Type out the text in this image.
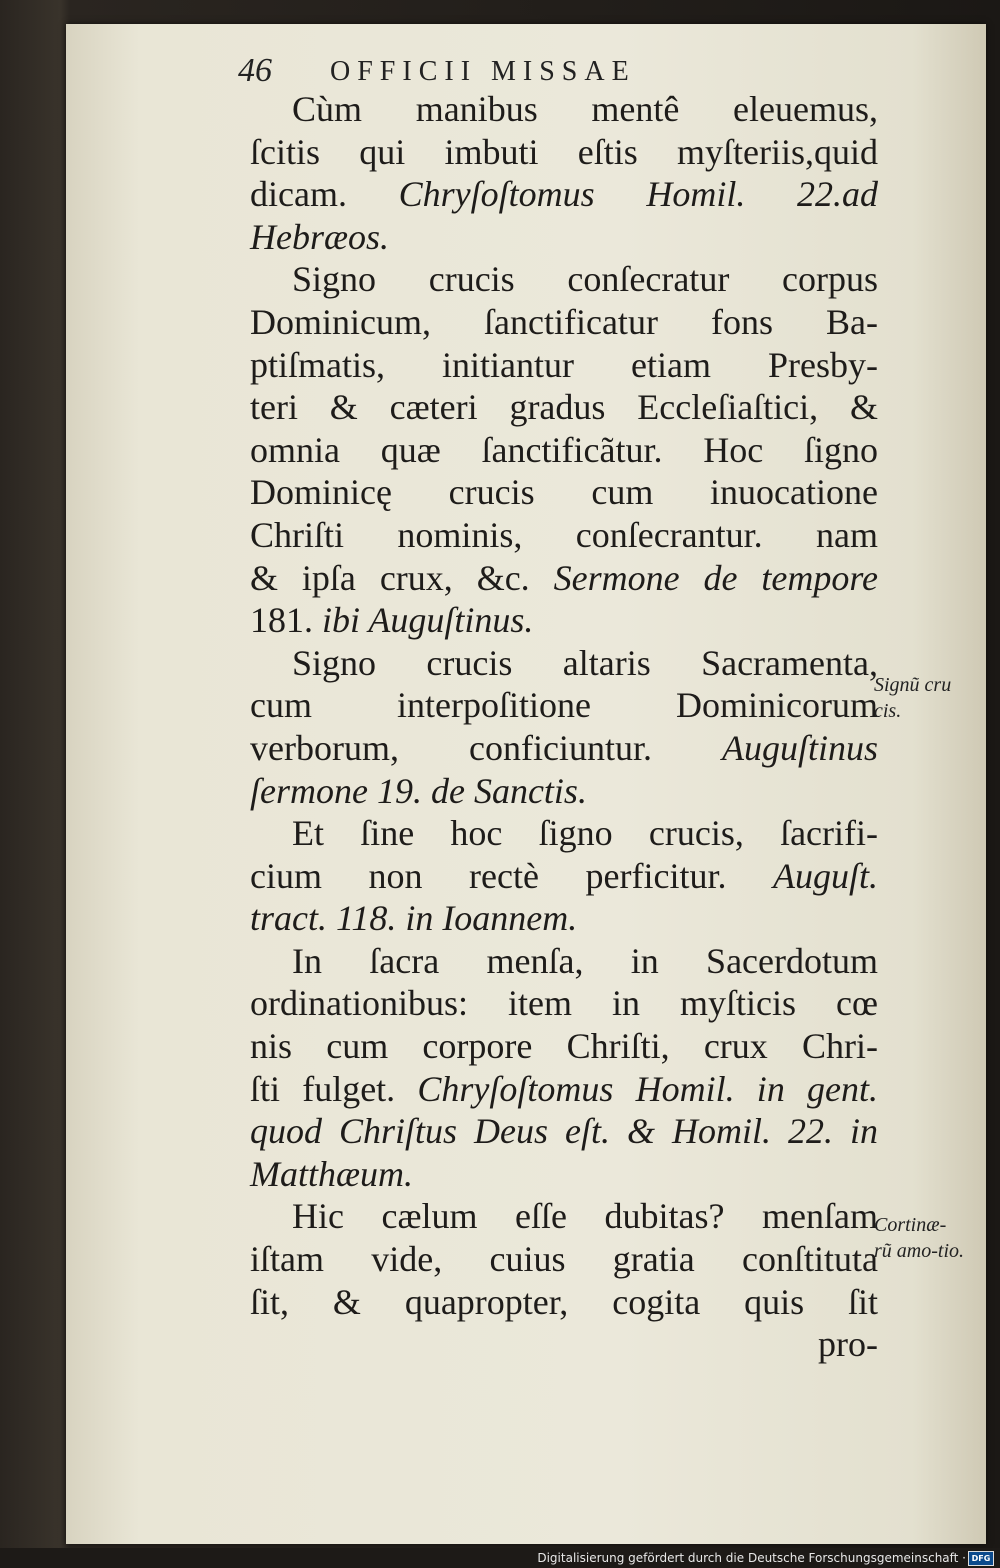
46 OFFICII MISSAE
Cùm manibus mentê eleuemus,
ſcitis qui imbuti eſtis myſteriis,quid
dicam. Chryſoſtomus Homil. 22.ad
Hebræos.
Signo crucis conſecratur corpus
Dominicum, ſanctificatur fons Ba-
ptiſmatis, initiantur etiam Presby-
teri & cæteri gradus Eccleſiaſtici, &
omnia quæ ſanctificãtur. Hoc ſigno
Dominicę crucis cum inuocatione
Chriſti nominis, conſecrantur. nam
& ipſa crux, &c. Sermone de tempore
181. ibi Auguſtinus.
Signo crucis altaris Sacramenta,
cum interpoſitione Dominicorum
verborum, conficiuntur. Auguſtinus
ſermone 19. de Sanctis.
Et ſine hoc ſigno crucis, ſacrifi-
cium non rectè perficitur. Auguſt.
tract. 118. in Ioannem.
In ſacra menſa, in Sacerdotum
ordinationibus: item in myſticis cœ
nis cum corpore Chriſti, crux Chri-
ſti fulget. Chryſoſtomus Homil. in gent.
quod Chriſtus Deus eſt. & Homil. 22. in
Matthæum.
Hic cælum eſſe dubitas? menſam
iſtam vide, cuius gratia conſtituta
ſit, & quapropter, cogita quis ſit
pro-
Signũ cru cis.
Cortinæ-rũ amo-tio.
Digitalisierung gefördert durch die Deutsche Forschungsgemeinschaft · DFG
